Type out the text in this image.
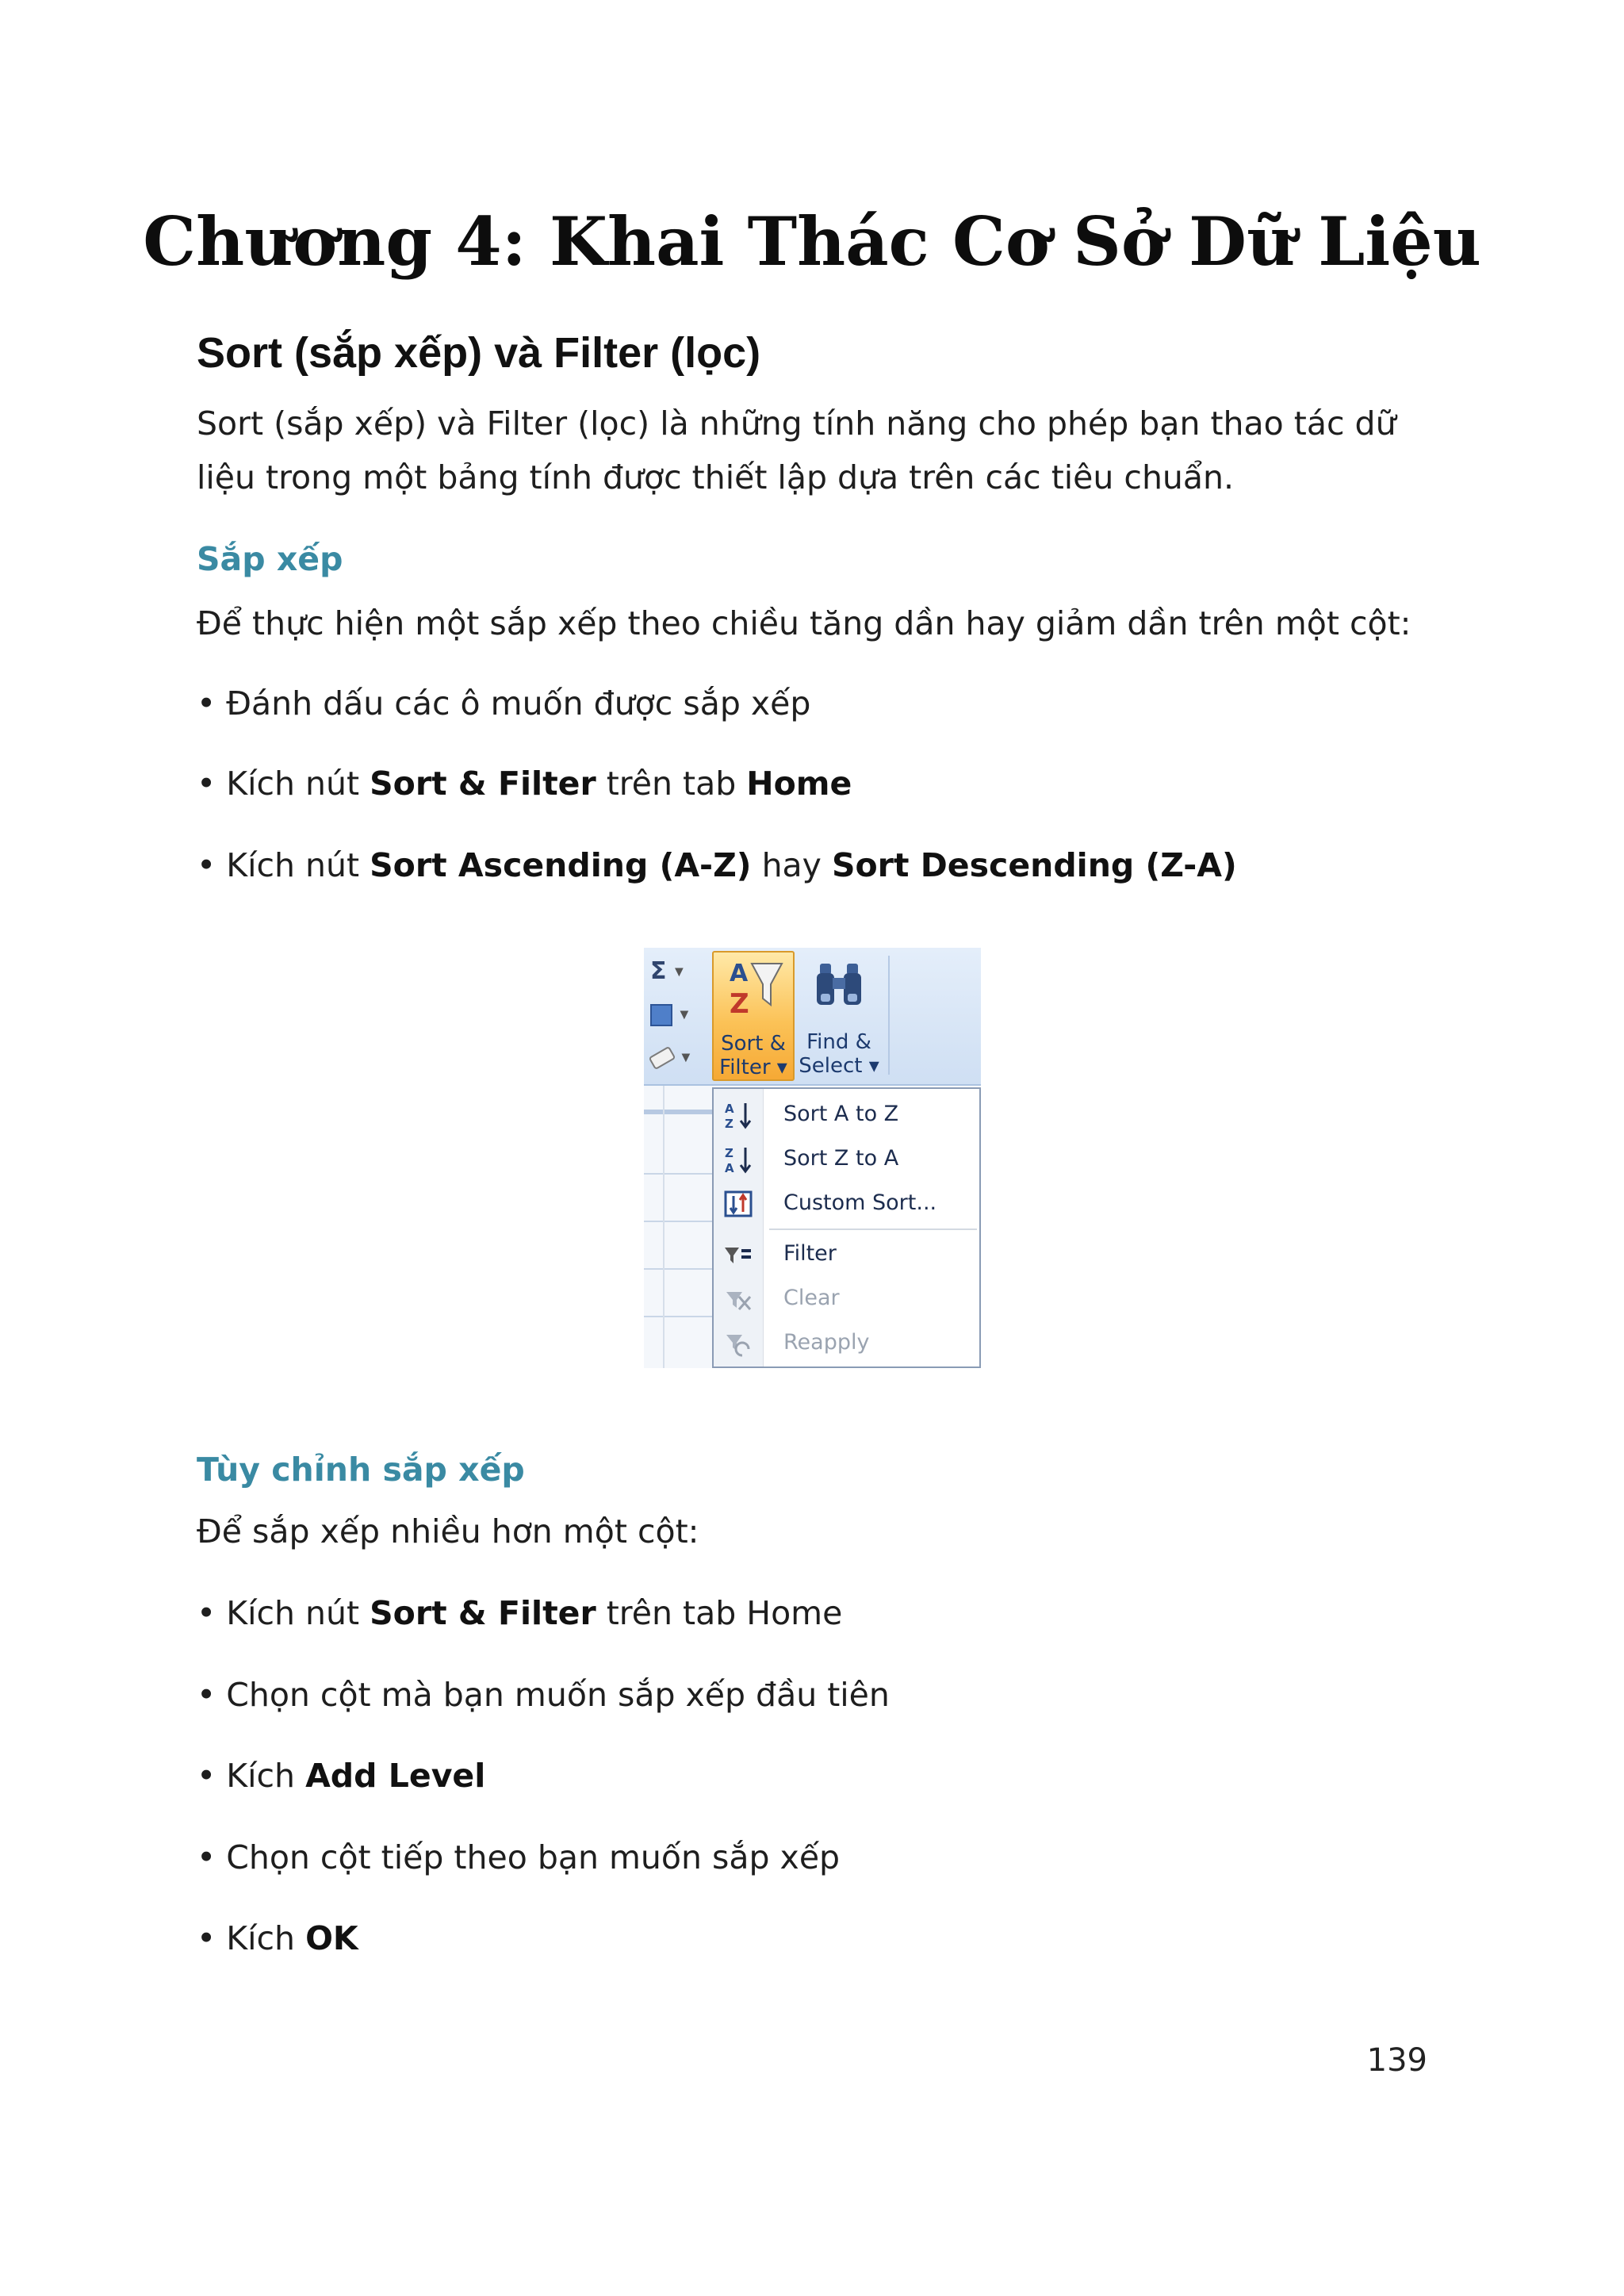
Chương 4: Khai Thác Cơ Sở Dữ Liệu
Sort (sắp xếp) và Filter (lọc)

Sort (sắp xếp) và Filter (lọc) là những tính năng cho phép bạn thao tác dữ liệu trong một bảng tính được thiết lập dựa trên các tiêu chuẩn.

Sắp xếp

Để thực hiện một sắp xếp theo chiều tăng dần hay giảm dần trên một cột:

• Đánh dấu các ô muốn được sắp xếp
• Kích nút Sort & Filter trên tab Home
• Kích nút Sort Ascending (A-Z) hay Sort Descending (Z-A)
Σ ▼
▼
▼
A
Z
Sort &
Filter ▾
Find &
Select ▾
A
Z Sort A to Z
Z
A Sort Z to A
Custom Sort...
Filter
Clear
Reapply
Tùy chỉnh sắp xếp

Để sắp xếp nhiều hơn một cột:

• Kích nút Sort & Filter trên tab Home
• Chọn cột mà bạn muốn sắp xếp đầu tiên
• Kích Add Level
• Chọn cột tiếp theo bạn muốn sắp xếp
• Kích OK
139
